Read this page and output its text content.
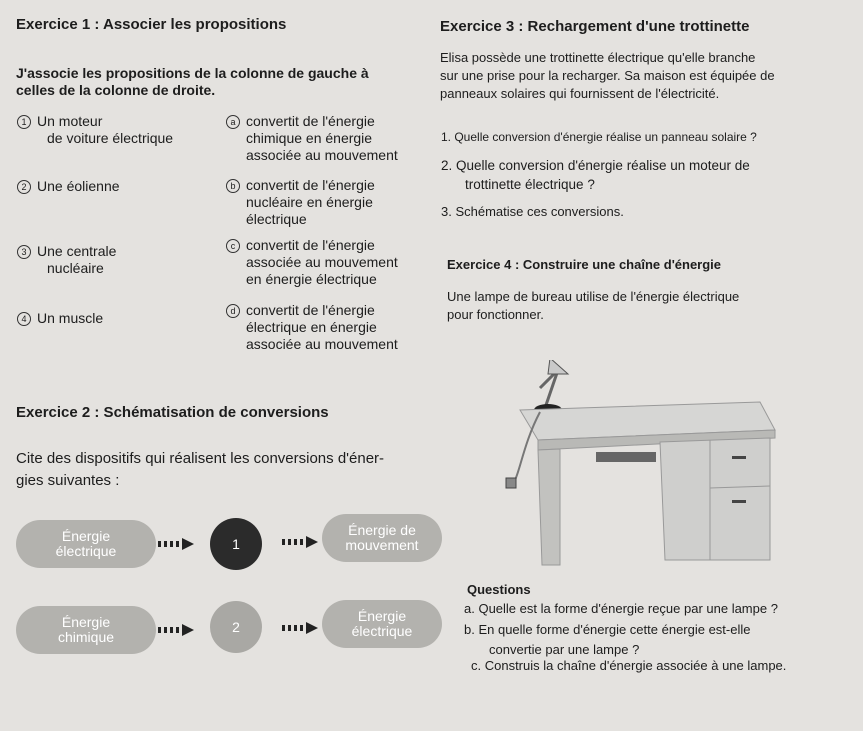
Exercice 1 : Associer les propositions
J'associe les propositions de la colonne de gauche à
celles de la colonne de droite.
1 Un moteur
de voiture électrique
2 Une éolienne
3 Une centrale
nucléaire
4 Un muscle
a convertit de l'énergie
chimique en énergie
associée au mouvement
b convertit de l'énergie
nucléaire en énergie
électrique
c convertit de l'énergie
associée au mouvement
en énergie électrique
d convertit de l'énergie
électrique en énergie
associée au mouvement
Exercice 2 : Schématisation de conversions
Cite des dispositifs qui réalisent les conversions d'éner-
gies suivantes :
Énergie
électrique	1
Énergie de
mouvement
Énergie
chimique
2
Énergie
électrique
Exercice 3 : Rechargement d'une trottinette
Elisa possède une trottinette électrique qu'elle branche
sur une prise pour la recharger. Sa maison est équipée de
panneaux solaires qui fournissent de l'électricité.
1. Quelle conversion d'énergie réalise un panneau solaire ?
2. Quelle conversion d'énergie réalise un moteur de
trottinette électrique ?
3. Schématise ces conversions.
Exercice 4 : Construire une chaîne d'énergie
Une lampe de bureau utilise de l'énergie électrique
pour fonctionner.
Questions
a. Quelle est la forme d'énergie reçue par une lampe ?
b. En quelle forme d'énergie cette énergie est-elle
convertie par une lampe ?
c. Construis la chaîne d'énergie associée à une lampe.
